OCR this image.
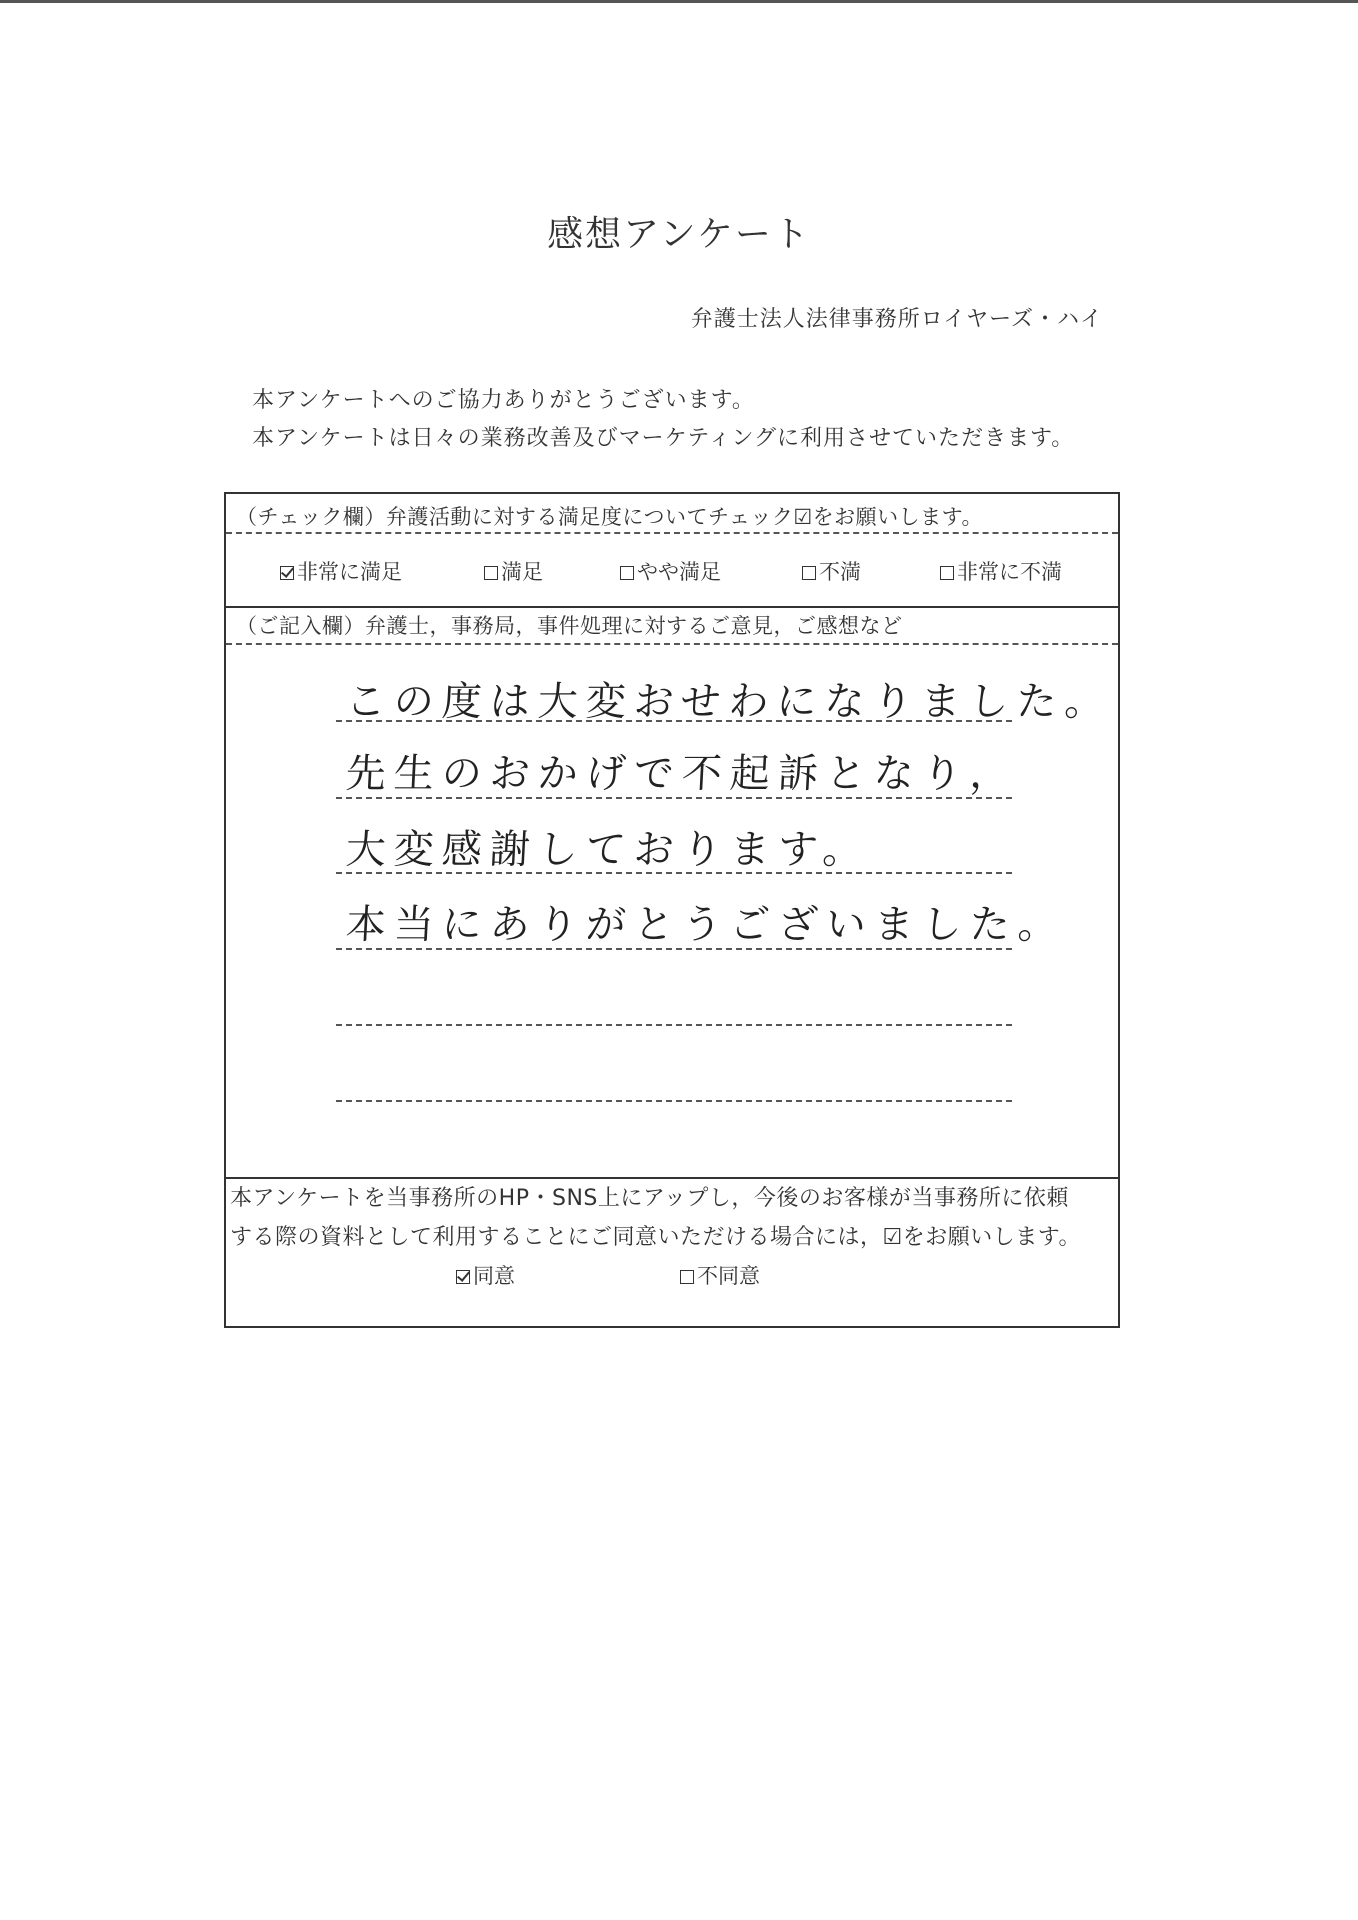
感想アンケート
弁護士法人法律事務所ロイヤーズ・ハイ
本アンケートへのご協力ありがとうございます。
本アンケートは日々の業務改善及びマーケティングに利用させていただきます。
（チェック欄）弁護活動に対する満足度についてチェック☑をお願いします。
（ご記入欄）弁護士，事務局，事件処理に対するご意見，ご感想など
非常に満足	満足	やや満足	不満	非常に不満
この度は大変おせわになりました。
先生のおかげで不起訴となり，
大変感謝しております。
本当にありがとうございました。
本アンケートを当事務所のHP・SNS上にアップし，今後のお客様が当事務所に依頼
する際の資料として利用することにご同意いただける場合には，☑をお願いします。
同意	不同意
